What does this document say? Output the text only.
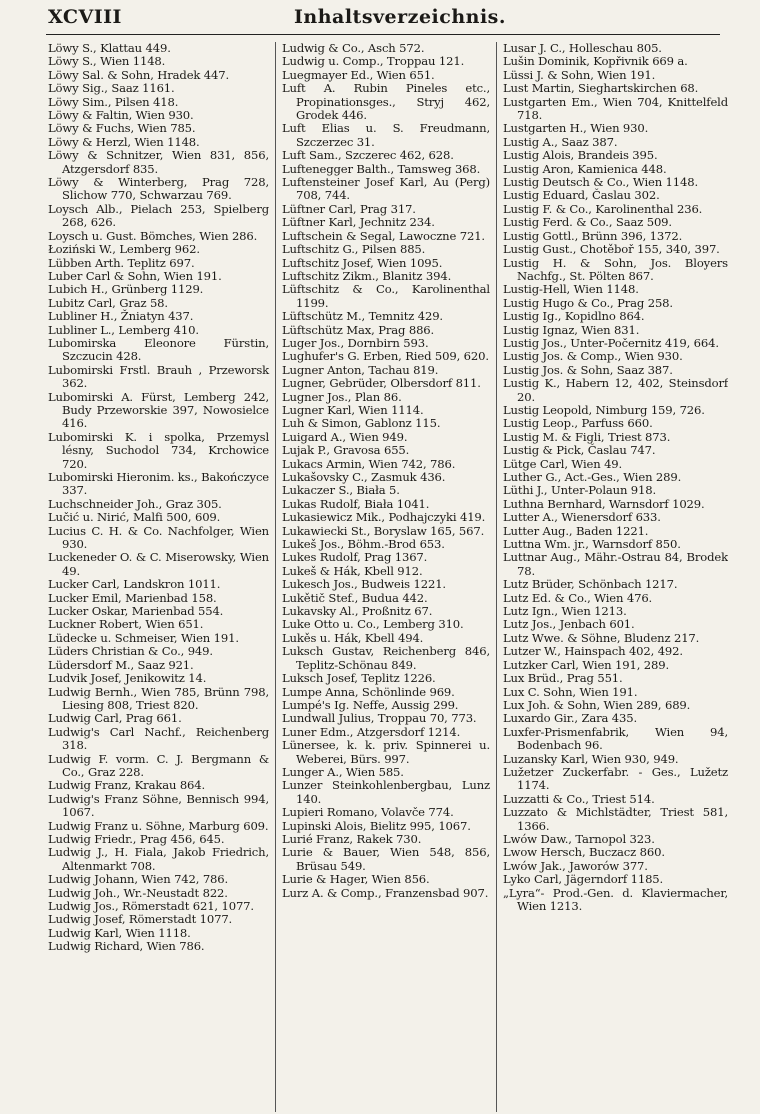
XCVIII	Inhaltsverzeichnis.

Löwy S., Klattau 449.

Löwy S., Wien 1148.

Löwy Sal. & Sohn, Hradek 447.

Löwy Sig., Saaz 1161.

Löwy Sim., Pilsen 418.

Löwy & Faltin, Wien 930.

Löwy & Fuchs, Wien 785.

Löwy & Herzl, Wien 1148.

Löwy & Schnitzer, Wien 831, 856, Atzgersdorf 835.

Löwy & Winterberg, Prag 728, Slichow 770, Schwarzau 769.

Loysch Alb., Pielach 253, Spielberg 268, 626.

Loysch u. Gust. Bömches, Wien 286.

Łoziński W., Lemberg 962.

Lübben Arth. Teplitz 697.

Luber Carl & Sohn, Wien 191.

Lubich H., Grünberg 1129.

Lubitz Carl, Graz 58.

Lubliner H., Žniatyn 437.

Lubliner L., Lemberg 410.

Lubomirska Eleonore Fürstin, Szczucin 428.

Lubomirski Frstl. Brauh , Przeworsk 362.

Lubomirski A. Fürst, Lemberg 242, Budy Przeworskie 397, Nowosielce 416.

Lubomirski K. i spolka, Przemysl lésny, Suchodol 734, Krchowice 720.

Lubomirski Hieronim. ks., Bakończyce 337.

Luchschneider Joh., Graz 305.

Lučić u. Nirić, Malfi 500, 609.

Lucius C. H. & Co. Nachfolger, Wien 930.

Luckeneder O. & C. Miserowsky, Wien 49.

Lucker Carl, Landskron 1011.

Lucker Emil, Marienbad 158.

Lucker Oskar, Marienbad 554.

Luckner Robert, Wien 651.

Lüdecke u. Schmeiser, Wien 191.

Lüders Christian & Co., 949.

Lüdersdorf M., Saaz 921.

Ludvik Josef, Jenikowitz 14.

Ludwig Bernh., Wien 785, Brünn 798, Liesing 808, Triest 820.

Ludwig Carl, Prag 661.

Ludwig's Carl Nachf., Reichenberg 318.

Ludwig F. vorm. C. J. Bergmann & Co., Graz 228.

Ludwig Franz, Krakau 864.

Ludwig's Franz Söhne, Bennisch 994, 1067.

Ludwig Franz u. Söhne, Marburg 609.

Ludwig Friedr., Prag 456, 645.

Ludwig J., H. Fiala, Jakob Friedrich, Altenmarkt 708.

Ludwig Johann, Wien 742, 786.

Ludwig Joh., Wr.-Neustadt 822.

Ludwig Jos., Römerstadt 621, 1077.

Ludwig Josef, Römerstadt 1077.

Ludwig Karl, Wien 1118.

Ludwig Richard, Wien 786.

Ludwig & Co., Asch 572.

Ludwig u. Comp., Troppau 121.

Luegmayer Ed., Wien 651.

Luft A. Rubin Pineles etc., Propinationsges., Stryj 462, Grodek 446.

Luft Elias u. S. Freudmann, Szczerzec 31.

Luft Sam., Szczerec 462, 628.

Luftenegger Balth., Tamsweg 368.

Luftensteiner Josef Karl, Au (Perg) 708, 744.

Lüftner Carl, Prag 317.

Lüftner Karl, Jechnitz 234.

Luftschein & Segal, Lawoczne 721.

Luftschitz G., Pilsen 885.

Luftschitz Josef, Wien 1095.

Luftschitz Zikm., Blanitz 394.

Lüftschitz & Co., Karolinenthal 1199.

Lüftschütz M., Temnitz 429.

Lüftschütz Max, Prag 886.

Luger Jos., Dornbirn 593.

Lughufer's G. Erben, Ried 509, 620.

Lugner Anton, Tachau 819.

Lugner, Gebrüder, Olbersdorf 811.

Lugner Jos., Plan 86.

Lugner Karl, Wien 1114.

Luh & Simon, Gablonz 115.

Luigard A., Wien 949.

Lujak P., Gravosa 655.

Lukacs Armin, Wien 742, 786.

Lukašovsky C., Zasmuk 436.

Lukaczer S., Biała 5.

Lukas Rudolf, Biała 1041.

Lukasiewicz Mik., Podhajczyki 419.

Lukawiecki St., Boryslaw 165, 567.

Lukeš Jos., Böhm.-Brod 653.

Lukes Rudolf, Prag 1367.

Lukeš & Hák, Kbell 912.

Lukesch Jos., Budweis 1221.

Lukětič Stef., Budua 442.

Lukavsky Al., Proßnitz 67.

Luke Otto u. Co., Lemberg 310.

Lukěs u. Hák, Kbell 494.

Luksch Gustav, Reichenberg 846, Teplitz-Schönau 849.

Luksch Josef, Teplitz 1226.

Lumpe Anna, Schönlinde 969.

Lumpé's Ig. Neffe, Aussig 299.

Lundwall Julius, Troppau 70, 773.

Luner Edm., Atzgersdorf 1214.

Lünersee, k. k. priv. Spinnerei u. Weberei, Bürs. 997.

Lunger A., Wien 585.

Lunzer Steinkohlenbergbau, Lunz 140.

Lupieri Romano, Volavče 774.

Lupinski Alois, Bielitz 995, 1067.

Lurié Franz, Rakek 730.

Lurie & Bauer, Wien 548, 856, Brüsau 549.

Lurie & Hager, Wien 856.

Lurz A. & Comp., Franzensbad 907.

Lusar J. C., Holleschau 805.

Lušin Dominik, Kopřivnik 669 a.

Lüssi J. & Sohn, Wien 191.

Lust Martin, Sieghartskirchen 68.

Lustgarten Em., Wien 704, Knittelfeld 718.

Lustgarten H., Wien 930.

Lustig A., Saaz 387.

Lustig Alois, Brandeis 395.

Lustig Aron, Kamienica 448.

Lustig Deutsch & Co., Wien 1148.

Lustig Eduard, Časlau 302.

Lustig F. & Co., Karolinenthal 236.

Lustig Ferd. & Co., Saaz 509.

Lustig Gottl., Brünn 396, 1372.

Lustig Gust., Chotěboř 155, 340, 397.

Lustig H. & Sohn, Jos. Bloyers Nachfg., St. Pölten 867.

Lustig-Hell, Wien 1148.

Lustig Hugo & Co., Prag 258.

Lustig Ig., Kopidlno 864.

Lustig Ignaz, Wien 831.

Lustig Jos., Unter-Počernitz 419, 664.

Lustig Jos. & Comp., Wien 930.

Lustig Jos. & Sohn, Saaz 387.

Lustig K., Habern 12, 402, Steinsdorf 20.

Lustig Leopold, Nimburg 159, 726.

Lustig Leop., Parfuss 660.

Lustig M. & Figli, Triest 873.

Lustig & Pick, Časlau 747.

Lütge Carl, Wien 49.

Luther G., Act.-Ges., Wien 289.

Lüthi J., Unter-Polaun 918.

Luthna Bernhard, Warnsdorf 1029.

Lutter A., Wienersdorf 633.

Lutter Aug., Baden 1221.

Luttna Wm. jr., Warnsdorf 850.

Luttnar Aug., Mähr.-Ostrau 84, Brodek 78.

Lutz Brüder, Schönbach 1217.

Lutz Ed. & Co., Wien 476.

Lutz Ign., Wien 1213.

Lutz Jos., Jenbach 601.

Lutz Wwe. & Söhne, Bludenz 217.

Lutzer W., Hainspach 402, 492.

Lutzker Carl, Wien 191, 289.

Lux Brüd., Prag 551.

Lux C. Sohn, Wien 191.

Lux Joh. & Sohn, Wien 289, 689.

Luxardo Gir., Zara 435.

Luxfer-Prismenfabrik, Wien 94, Bodenbach 96.

Luzansky Karl, Wien 930, 949.

Lužetzer Zuckerfabr. - Ges., Lužetz 1174.

Luzzatti & Co., Triest 514.

Luzzato & Michlstädter, Triest 581, 1366.

Lwów Daw., Tarnopol 323.

Lwow Hersch, Buczacz 860.

Lwów Jak., Jaworów 377.

Lyko Carl, Jägerndorf 1185.

„Lyra“- Prod.-Gen. d. Klaviermacher, Wien 1213.
